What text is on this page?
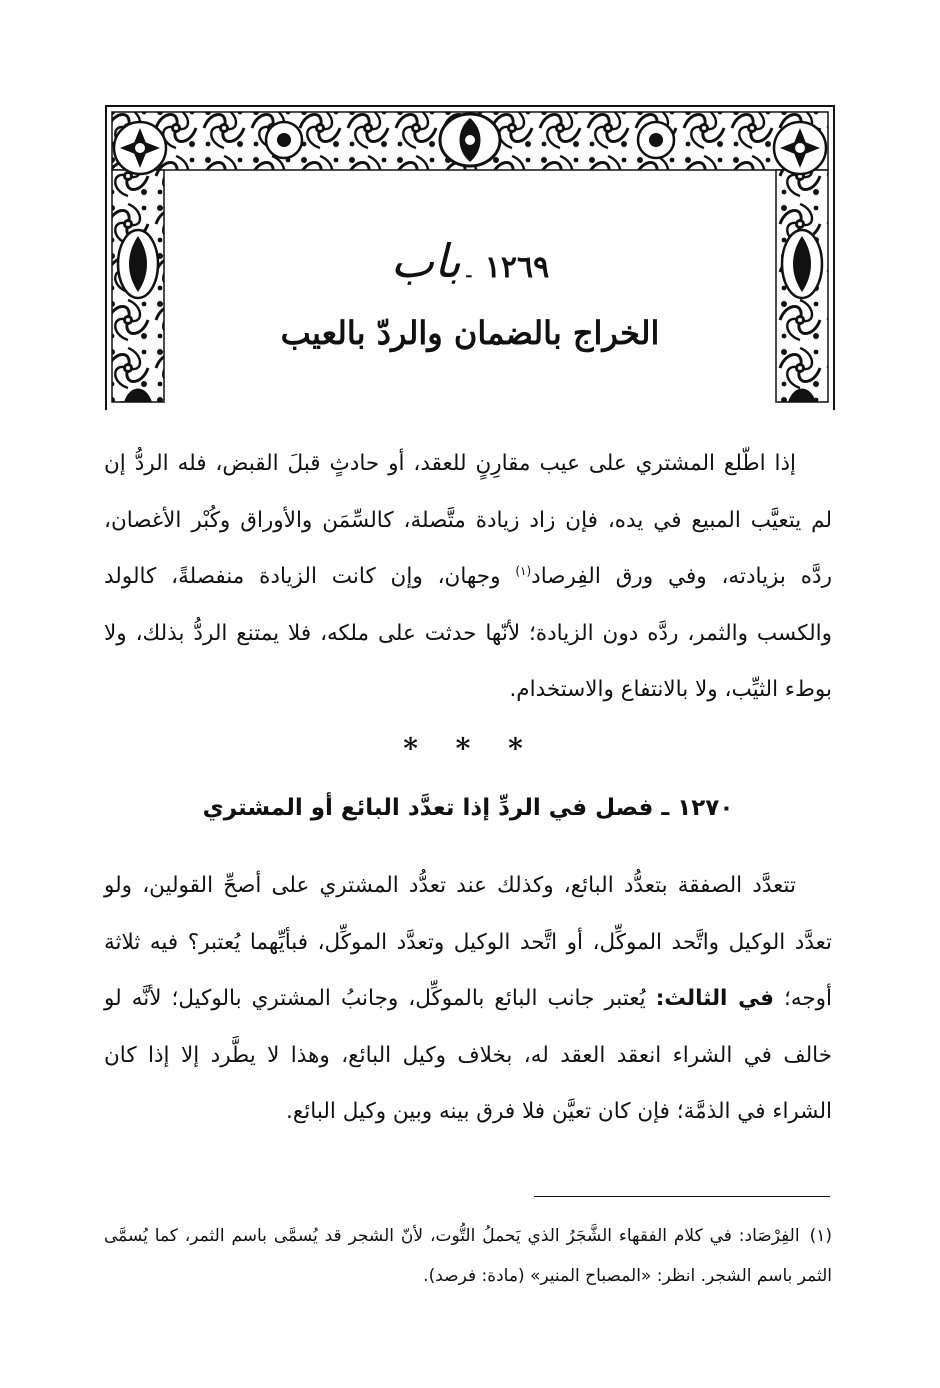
١٢٦٩ ـ باب
الخراج بالضمان والردّ بالعيب

إذا اطّلع المشتري على عيب مقارِنٍ للعقد، أو حادثٍ قبلَ القبض، فله الردُّ إن لم يتعيَّب المبيع في يده، فإن زاد زيادة متَّصلة، كالسِّمَن والأوراق وكُبْر الأغصان، ردَّه بزيادته، وفي ورق الفِرصاد$^{(١)}$ وجهان، وإن كانت الزيادة منفصلةً، كالولد والكسب والثمر، ردَّه دون الزيادة؛ لأنّها حدثت على ملكه، فلا يمتنع الردُّ بذلك، ولا بوطء الثيِّب، ولا بالانتفاع والاستخدام.

* * *
١٢٧٠ ـ فصل في الردِّ إذا تعدَّد البائع أو المشتري

تتعدَّد الصفقة بتعدُّد البائع، وكذلك عند تعدُّد المشتري على أصحِّ القولين، ولو تعدَّد الوكيل واتَّحد الموكِّل، أو اتَّحد الوكيل وتعدَّد الموكِّل، فبأيِّهما يُعتبر؟ فيه ثلاثة أوجه؛ في الثالث: يُعتبر جانب البائع بالموكِّل، وجانبُ المشتري بالوكيل؛ لأنَّه لو خالف في الشراء انعقد العقد له، بخلاف وكيل البائع، وهذا لا يطَّرد إلا إذا كان الشراء في الذمَّة؛ فإن كان تعيَّن فلا فرق بينه وبين وكيل البائع.

(١)الفِرْصَاد: في كلام الفقهاء الشَّجَرُ الذي يَحملُ التُّوت، لأنّ الشجر قد يُسمَّى باسم الثمر، كما يُسمَّى الثمر باسم الشجر. انظر: «المصباح المنير» (مادة: فرصد).
